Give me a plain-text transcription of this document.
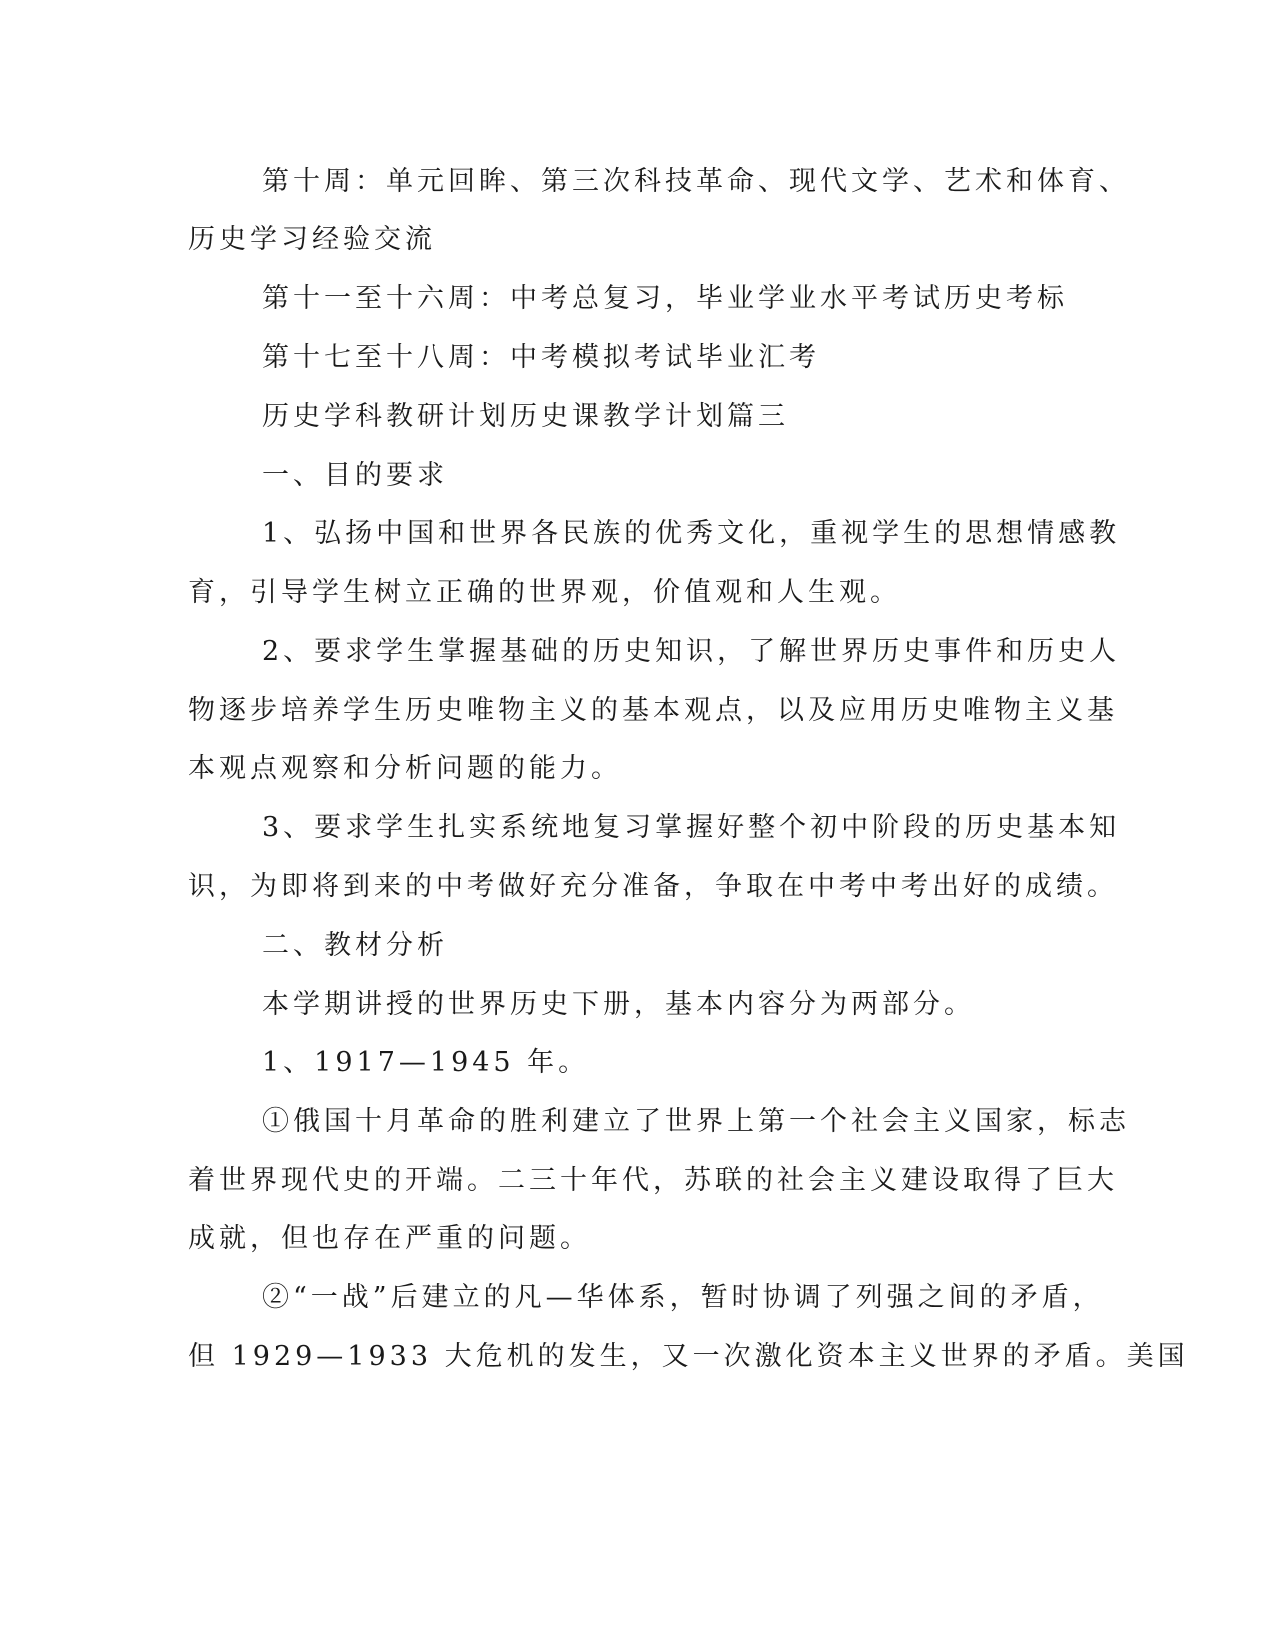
第十周：单元回眸、第三次科技革命、现代文学、艺术和体育、
历史学习经验交流
第十一至十六周：中考总复习，毕业学业水平考试历史考标
第十七至十八周：中考模拟考试毕业汇考
历史学科教研计划历史课教学计划篇三
一、目的要求
1、弘扬中国和世界各民族的优秀文化，重视学生的思想情感教
育，引导学生树立正确的世界观，价值观和人生观。
2、要求学生掌握基础的历史知识，了解世界历史事件和历史人
物逐步培养学生历史唯物主义的基本观点，以及应用历史唯物主义基
本观点观察和分析问题的能力。
3、要求学生扎实系统地复习掌握好整个初中阶段的历史基本知
识，为即将到来的中考做好充分准备，争取在中考中考出好的成绩。
二、教材分析
本学期讲授的世界历史下册，基本内容分为两部分。
1、1917—1945 年。
①俄国十月革命的胜利建立了世界上第一个社会主义国家，标志
着世界现代史的开端。二三十年代，苏联的社会主义建设取得了巨大
成就，但也存在严重的问题。
②“一战”后建立的凡—华体系，暂时协调了列强之间的矛盾，
但 1929—1933 大危机的发生，又一次激化资本主义世界的矛盾。美国
